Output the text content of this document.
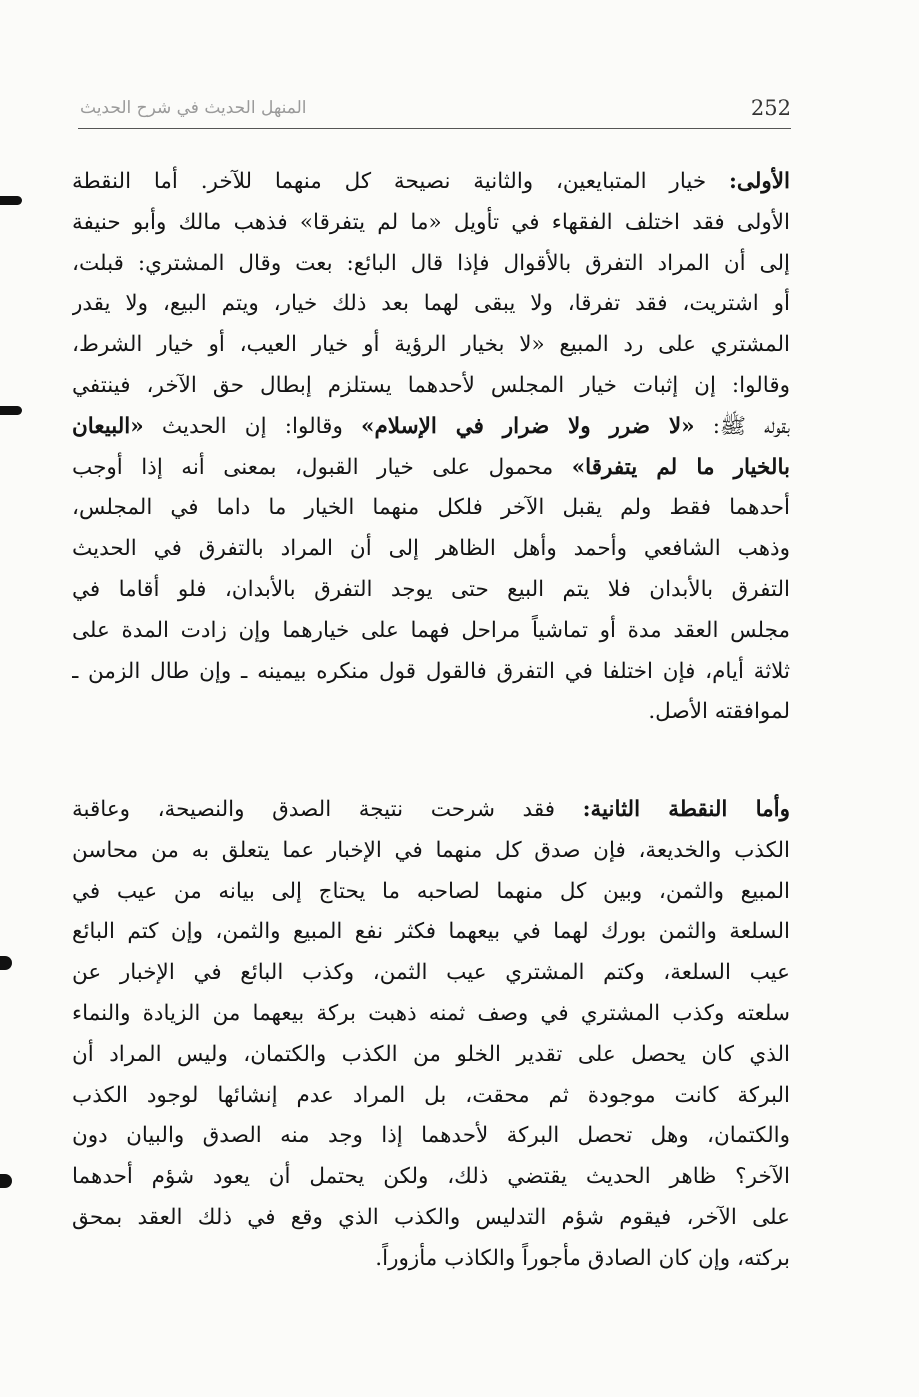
252
المنهل الحديث في شرح الحديث
الأولى: خيار المتبايعين، والثانية نصيحة كل منهما للآخر. أما النقطة
الأولى فقد اختلف الفقهاء في تأويل «ما لم يتفرقا» فذهب مالك وأبو حنيفة
إلى أن المراد التفرق بالأقوال فإذا قال البائع: بعت وقال المشتري: قبلت،
أو اشتريت، فقد تفرقا، ولا يبقى لهما بعد ذلك خيار، ويتم البيع، ولا يقدر
المشتري على رد المبيع «لا بخيار الرؤية أو خيار العيب، أو خيار الشرط،
وقالوا: إن إثبات خيار المجلس لأحدهما يستلزم إبطال حق الآخر، فينتفي
بقوله ﷺ: «لا ضرر ولا ضرار في الإسلام» وقالوا: إن الحديث «البيعان
بالخيار ما لم يتفرقا» محمول على خيار القبول، بمعنى أنه إذا أوجب
أحدهما فقط ولم يقبل الآخر فلكل منهما الخيار ما داما في المجلس،
وذهب الشافعي وأحمد وأهل الظاهر إلى أن المراد بالتفرق في الحديث
التفرق بالأبدان فلا يتم البيع حتى يوجد التفرق بالأبدان، فلو أقاما في
مجلس العقد مدة أو تماشياً مراحل فهما على خيارهما وإن زادت المدة على
ثلاثة أيام، فإن اختلفا في التفرق فالقول قول منكره بيمينه ـ وإن طال الزمن ـ
لموافقته الأصل.
وأما النقطة الثانية: فقد شرحت نتيجة الصدق والنصيحة، وعاقبة
الكذب والخديعة، فإن صدق كل منهما في الإخبار عما يتعلق به من محاسن
المبيع والثمن، وبين كل منهما لصاحبه ما يحتاج إلى بيانه من عيب في
السلعة والثمن بورك لهما في بيعهما فكثر نفع المبيع والثمن، وإن كتم البائع
عيب السلعة، وكتم المشتري عيب الثمن، وكذب البائع في الإخبار عن
سلعته وكذب المشتري في وصف ثمنه ذهبت بركة بيعهما من الزيادة والنماء
الذي كان يحصل على تقدير الخلو من الكذب والكتمان، وليس المراد أن
البركة كانت موجودة ثم محقت، بل المراد عدم إنشائها لوجود الكذب
والكتمان، وهل تحصل البركة لأحدهما إذا وجد منه الصدق والبيان دون
الآخر؟ ظاهر الحديث يقتضي ذلك، ولكن يحتمل أن يعود شؤم أحدهما
على الآخر، فيقوم شؤم التدليس والكذب الذي وقع في ذلك العقد بمحق
بركته، وإن كان الصادق مأجوراً والكاذب مأزوراً.
